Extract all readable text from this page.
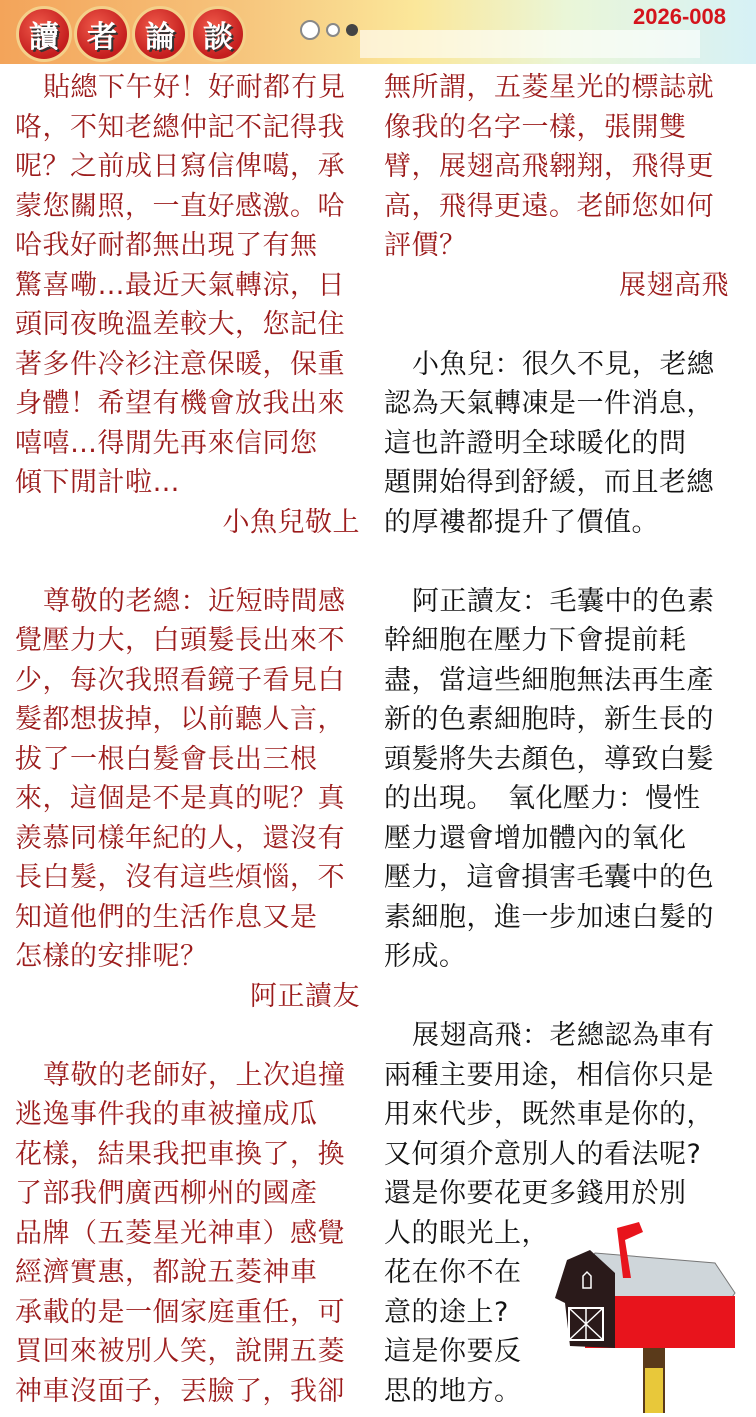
讀 者 論 談
2026-008
貼總下午好！好耐都冇見
咯，不知老總仲記不記得我
呢？之前成日寫信俾噶，承
蒙您關照，一直好感激。哈
哈我好耐都無出現了有無
驚喜嘞…最近天氣轉涼，日
頭同夜晚溫差較大，您記住
著多件冷衫注意保暖，保重
身體！希望有機會放我出來
嘻嘻…得閒先再來信同您
傾下閒計啦…
小魚兒敬上
尊敬的老總：近短時間感
覺壓力大，白頭髮長出來不
少，每次我照看鏡子看見白
髮都想拔掉，以前聽人言，
拔了一根白髮會長出三根
來，這個是不是真的呢？真
羨慕同樣年紀的人，還沒有
長白髮，沒有這些煩惱，不
知道他們的生活作息又是
怎樣的安排呢？
阿正讀友
尊敬的老師好，上次追撞
逃逸事件我的車被撞成瓜
花樣，結果我把車換了，換
了部我們廣西柳州的國產
品牌（五菱星光神車）感覺
經濟實惠，都說五菱神車
承載的是一個家庭重任，可
買回來被別人笑，說開五菱
神車沒面子，丟臉了，我卻
無所謂，五菱星光的標誌就
像我的名字一樣，張開雙
臂，展翅高飛翱翔，飛得更
高，飛得更遠。老師您如何
評價？
展翅高飛
小魚兒：很久不見，老總
認為天氣轉凍是一件消息，
這也許證明全球暖化的問
題開始得到舒緩，而且老總
的厚褸都提升了價值。
阿正讀友：毛囊中的色素
幹細胞在壓力下會提前耗
盡，當這些細胞無法再生產
新的色素細胞時，新生長的
頭髮將失去顏色，導致白髮
的出現。　氧化壓力：慢性
壓力還會增加體內的氧化
壓力，這會損害毛囊中的色
素細胞，進一步加速白髮的
形成。
展翅高飛：老總認為車有
兩種主要用途，相信你只是
用來代步，既然車是你的，
又何須介意別人的看法呢?
還是你要花更多錢用於別
人的眼光上，
花在你不在
意的途上?
這是你要反
思的地方。
